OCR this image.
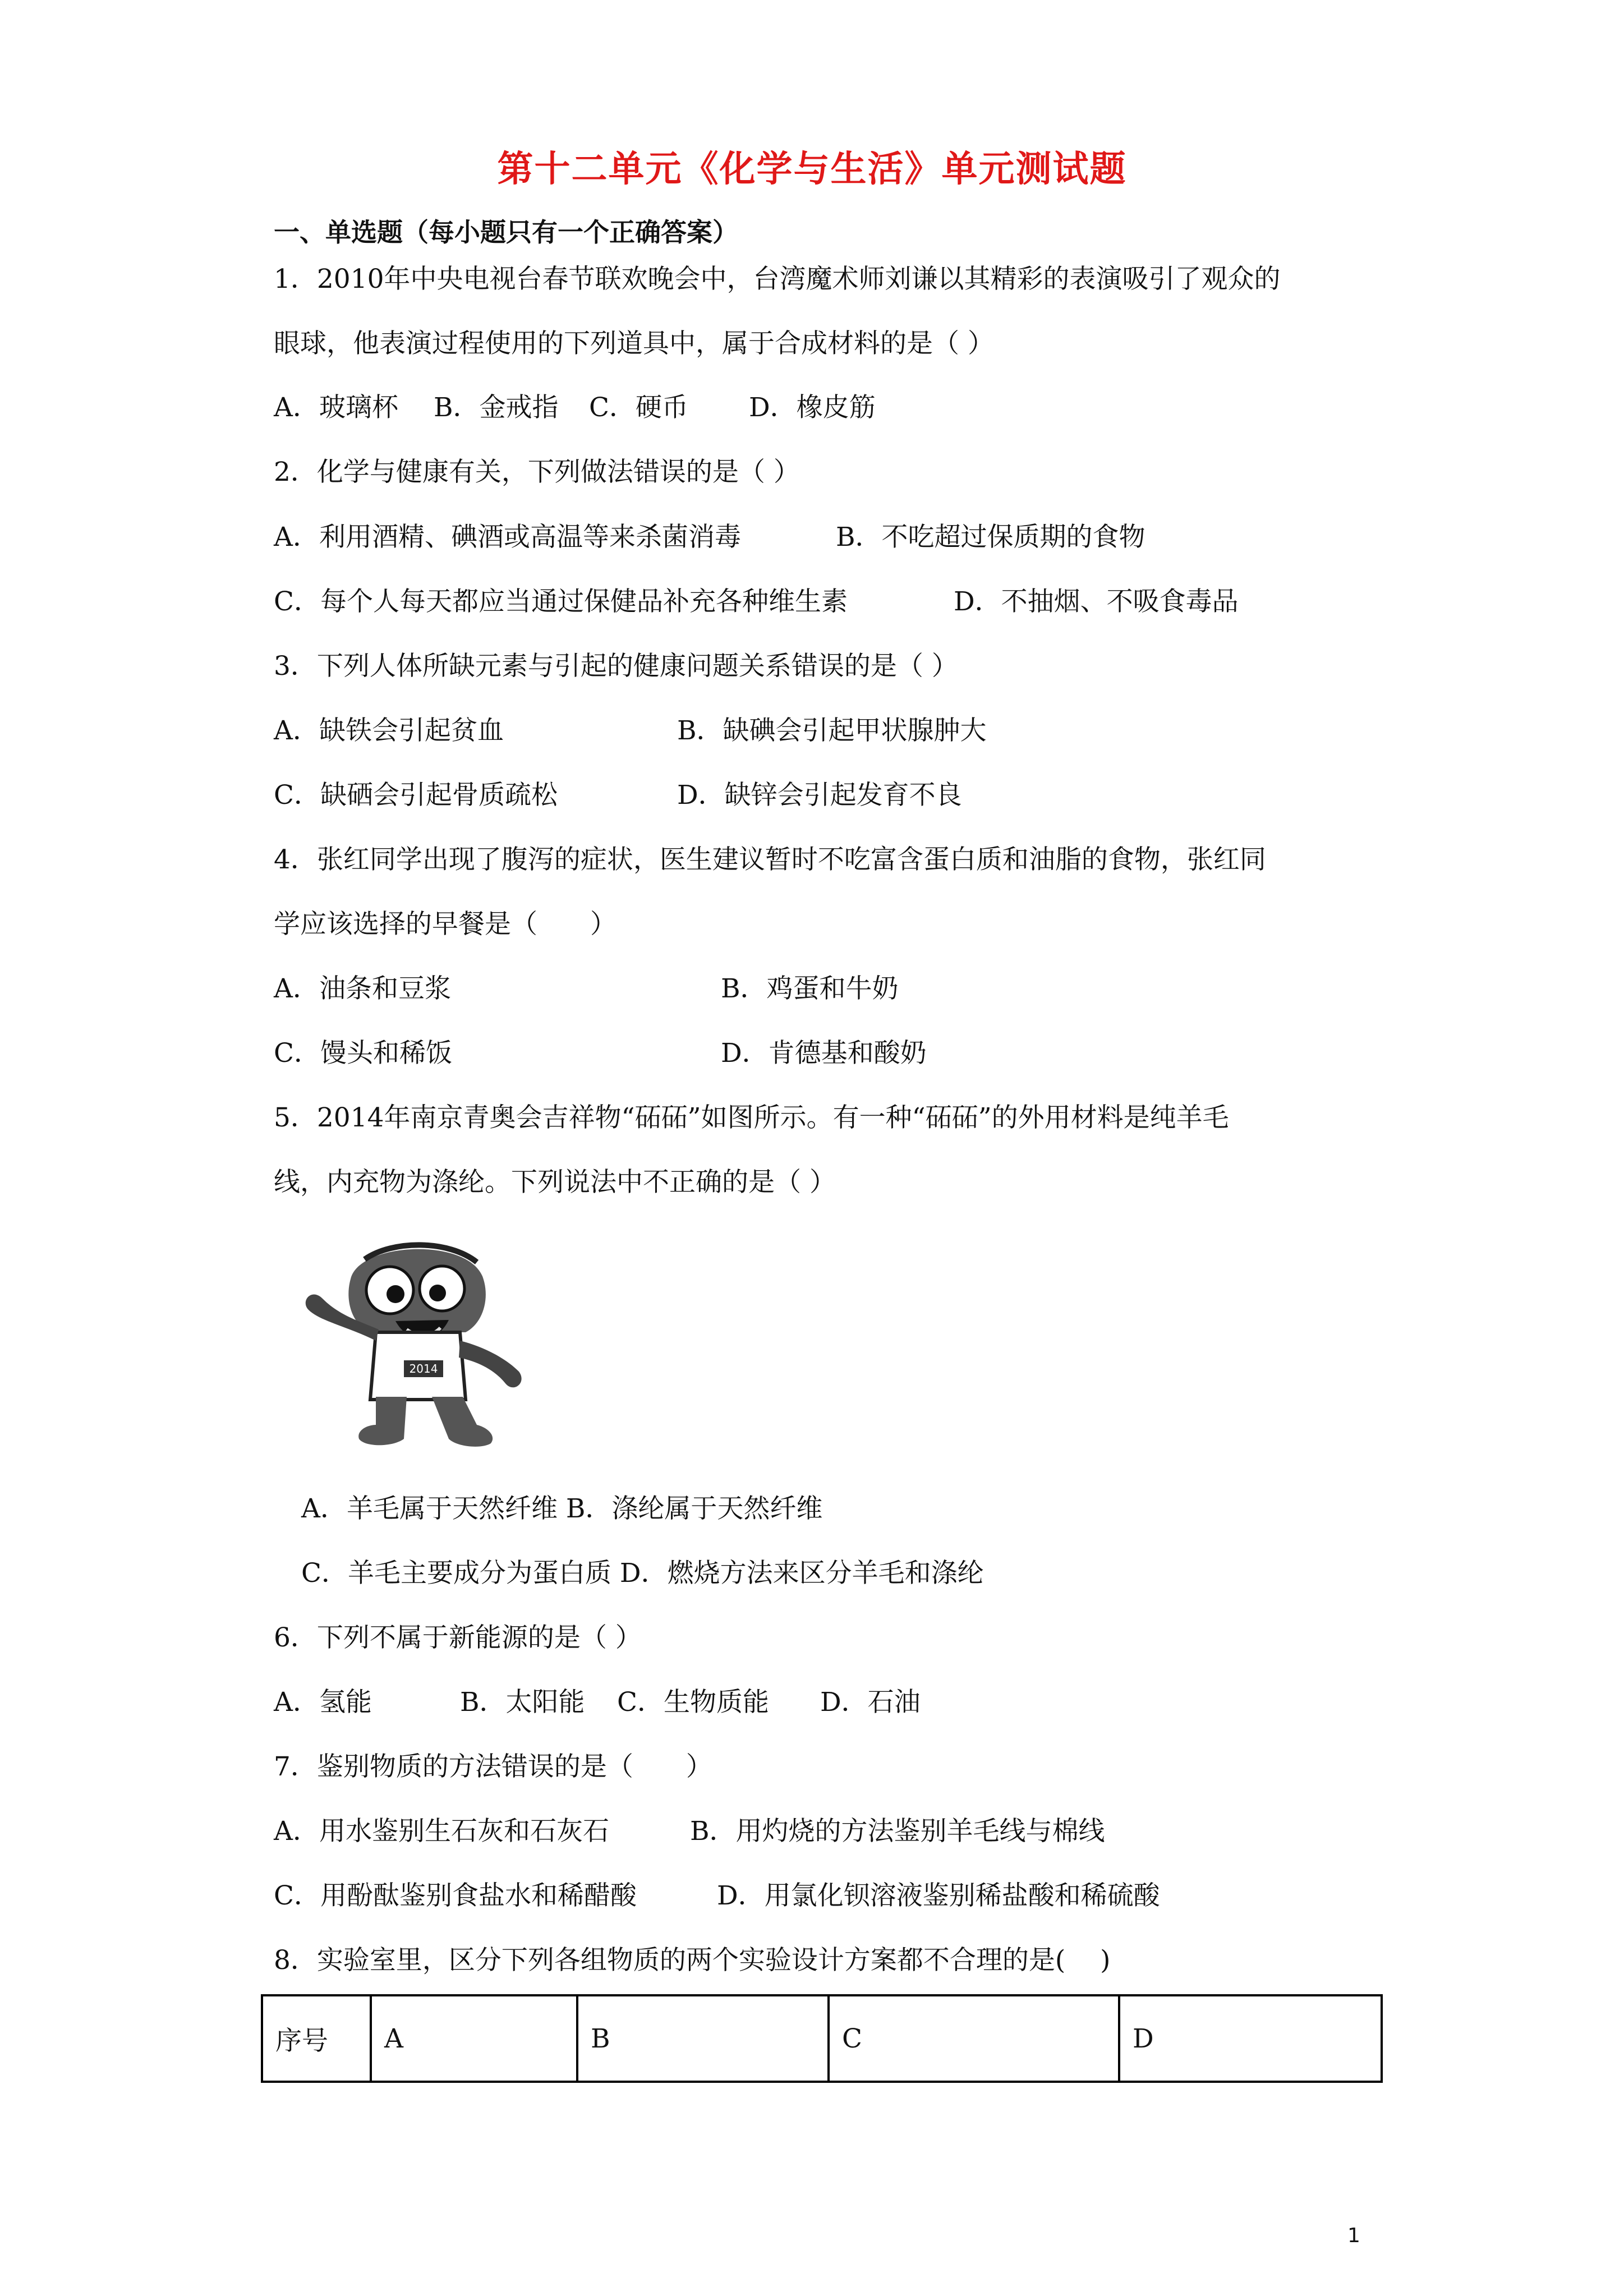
第十二单元《化学与生活》单元测试题
一、单选题（每小题只有一个正确答案）
1．2010年中央电视台春节联欢晚会中，台湾魔术师刘谦以其精彩的表演吸引了观众的
眼球，他表演过程使用的下列道具中，属于合成材料的是（ ）
A．玻璃杯 B．金戒指 C．硬币 D．橡皮筋
2．化学与健康有关，下列做法错误的是（ ）
A．利用酒精、碘酒或高温等来杀菌消毒	B．不吃超过保质期的食物
C．每个人每天都应当通过保健品补充各种维生素	D．不抽烟、不吸食毒品
3．下列人体所缺元素与引起的健康问题关系错误的是（ ）
A．缺铁会引起贫血	B．缺碘会引起甲状腺肿大
C．缺硒会引起骨质疏松	D．缺锌会引起发育不良
4．张红同学出现了腹泻的症状，医生建议暂时不吃富含蛋白质和油脂的食物，张红同
学应该选择的早餐是（　　）
A．油条和豆浆	B．鸡蛋和牛奶
C．馒头和稀饭	D．肯德基和酸奶
5．2014年南京青奥会吉祥物“砳砳”如图所示。有一种“砳砳”的外用材料是纯羊毛
线，内充物为涤纶。下列说法中不正确的是（ ）
2014
A．羊毛属于天然纤维 B．涤纶属于天然纤维
C．羊毛主要成分为蛋白质 D．燃烧方法来区分羊毛和涤纶
6．下列不属于新能源的是（ ）
A．氢能	B．太阳能 C．生物质能 D．石油
7．鉴别物质的方法错误的是（　　）
A．用水鉴别生石灰和石灰石	B．用灼烧的方法鉴别羊毛线与棉线
C．用酚酞鉴别食盐水和稀醋酸	D．用氯化钡溶液鉴别稀盐酸和稀硫酸
8．实验室里，区分下列各组物质的两个实验设计方案都不合理的是(　 )
序号	A	B	C	D
1
